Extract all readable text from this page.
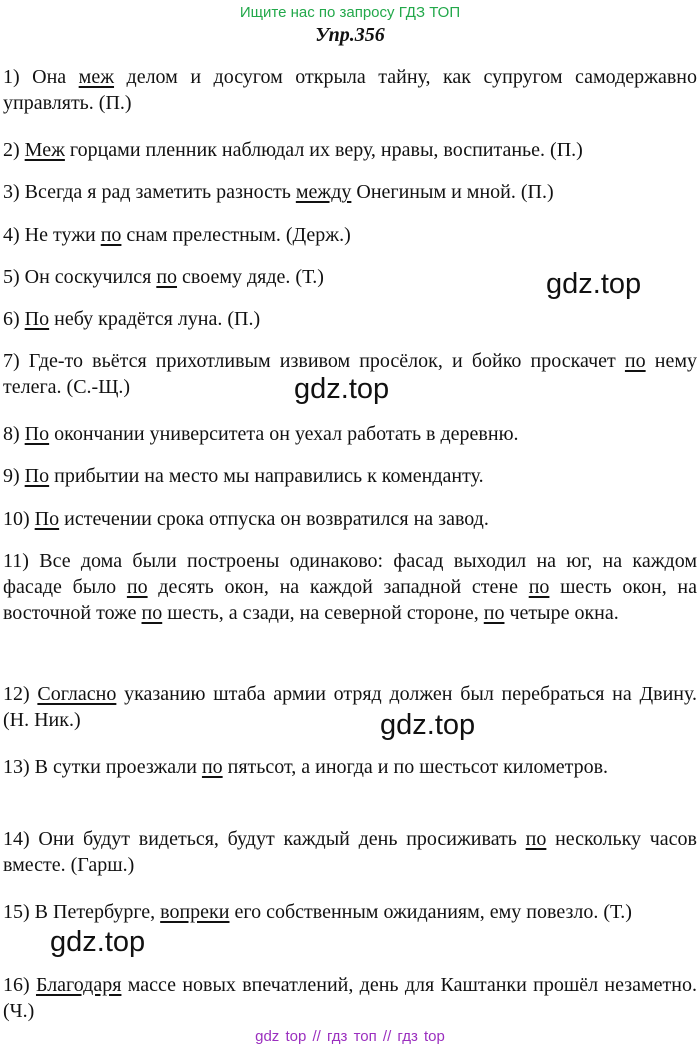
Ищите нас по запросу ГДЗ ТОП
Упр.356
1) Она меж делом и досугом открыла тайну, как супругом самодержавно управлять. (П.)
2) Меж горцами пленник наблюдал их веру, нравы, воспитанье. (П.)
3) Всегда я рад заметить разность между Онегиным и мной. (П.)
4) Не тужи по снам прелестным. (Держ.)
5) Он соскучился по своему дяде. (Т.)
6) По небу крадётся луна. (П.)
7) Где-то вьётся прихотливым извивом просёлок, и бойко проскачет по нему телега. (С.-Щ.)
8) По окончании университета он уехал работать в деревню.
9) По прибытии на место мы направились к коменданту.
10) По истечении срока отпуска он возвратился на завод.
11) Все дома были построены одинаково: фасад выходил на юг, на каждом фасаде было по десять окон, на каждой западной стене по шесть окон, на восточной тоже по шесть, а сзади, на северной стороне, по четыре окна.
12) Согласно указанию штаба армии отряд должен был перебраться на Двину. (Н. Ник.)
13) В сутки проезжали по пятьсот, а иногда и по шестьсот километров.
14) Они будут видеться, будут каждый день просиживать по нескольку часов вместе. (Гарш.)
15) В Петербурге, вопреки его собственным ожиданиям, ему повезло. (Т.)
16) Благодаря массе новых впечатлений, день для Каштанки прошёл незаметно. (Ч.)
gdz.top
gdz.top
gdz.top
gdz.top
gdz top // гдз топ // гдз top
